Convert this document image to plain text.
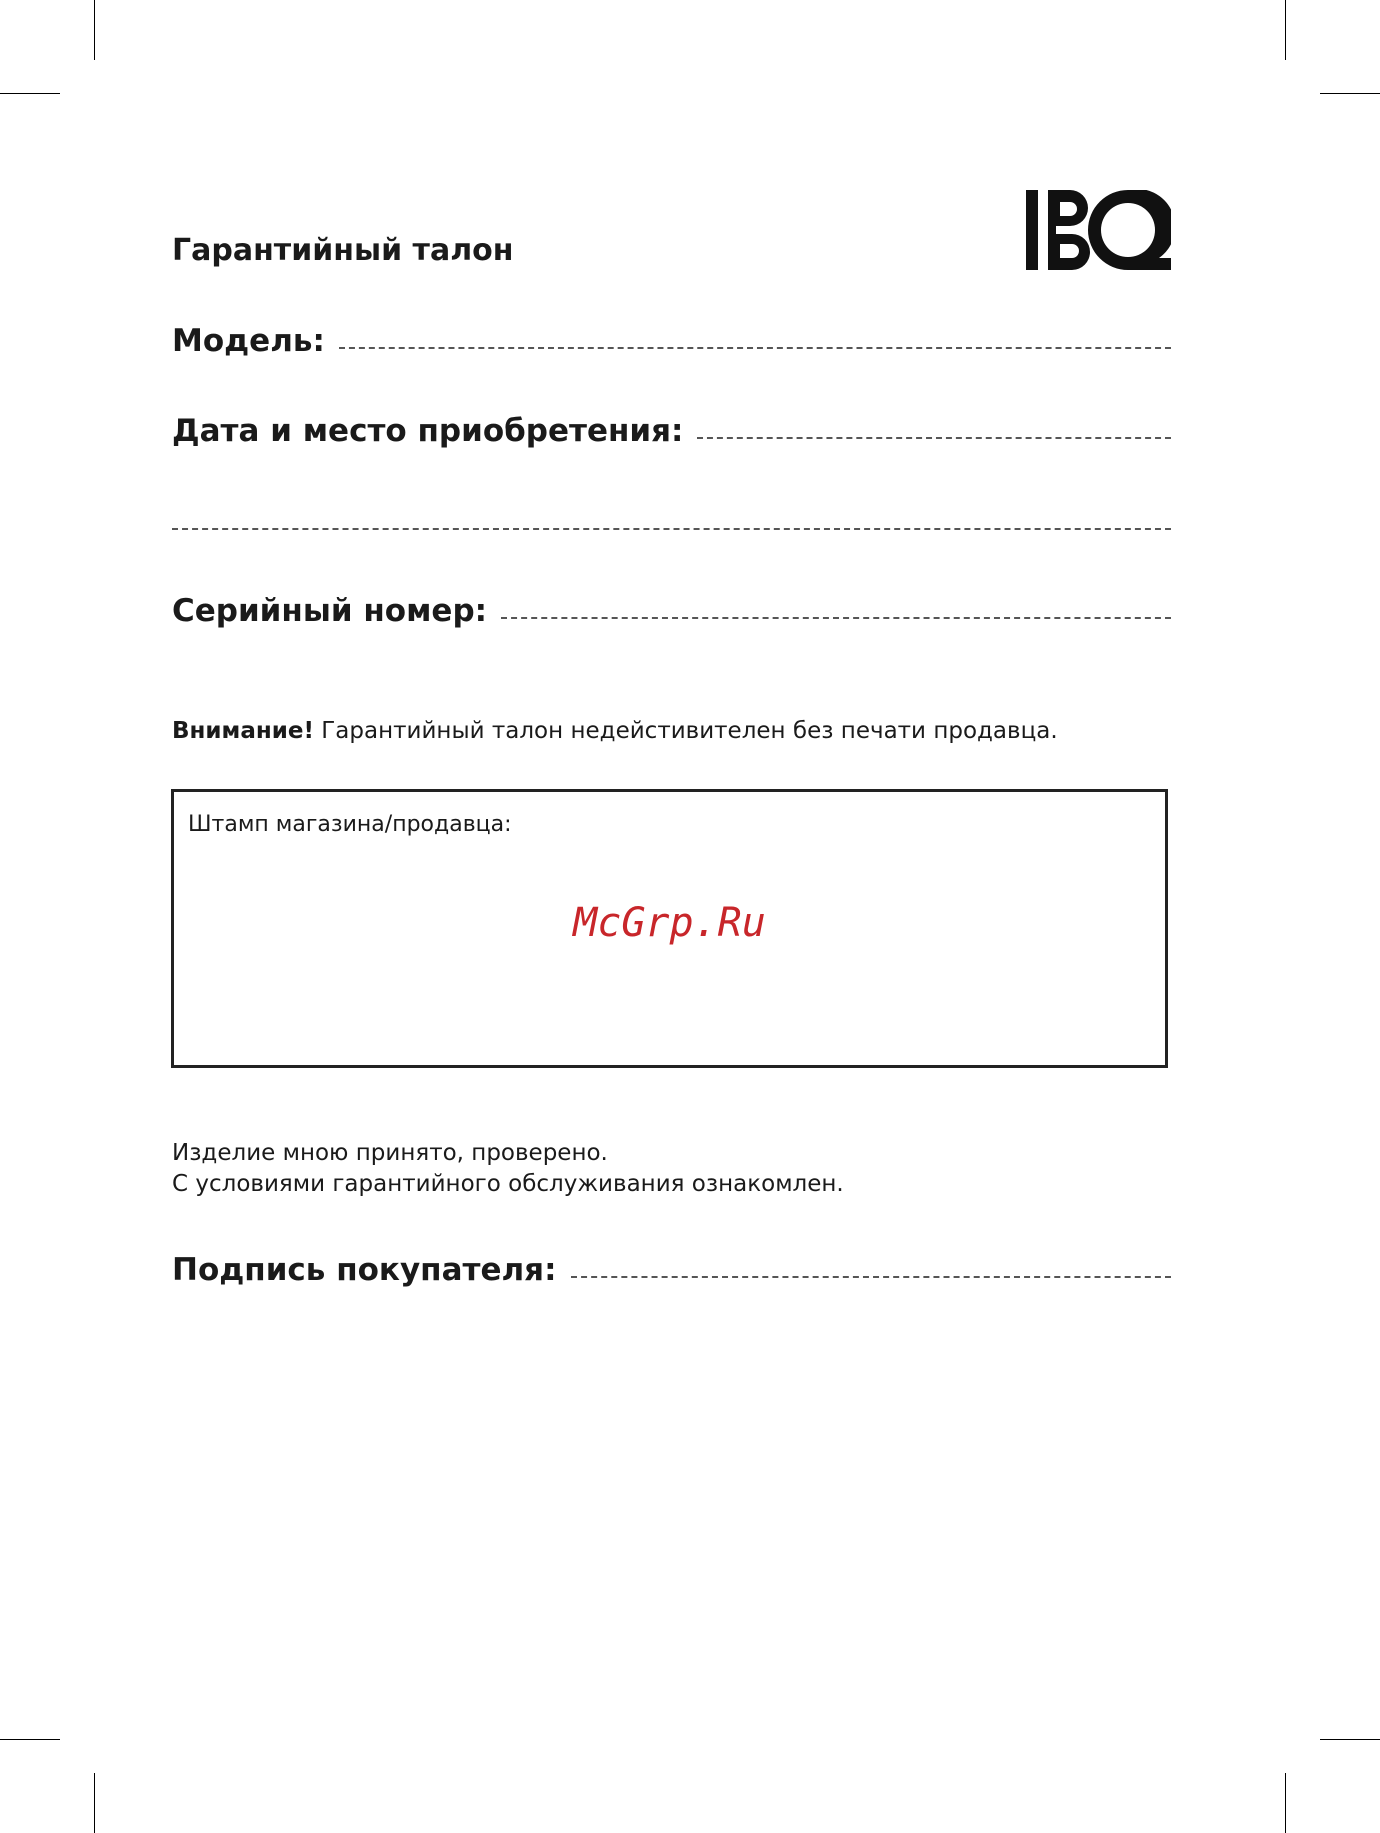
Гарантийный талон
Модель:
Дата и место приобретения:
Серийный номер:
Внимание! Гарантийный талон недейстивителен без печати продавца.
Штамп магазина/продавца:
McGrp.Ru
Изделие мною принято, проверено.
С условиями гарантийного обслуживания ознакомлен.
Подпись покупателя:
